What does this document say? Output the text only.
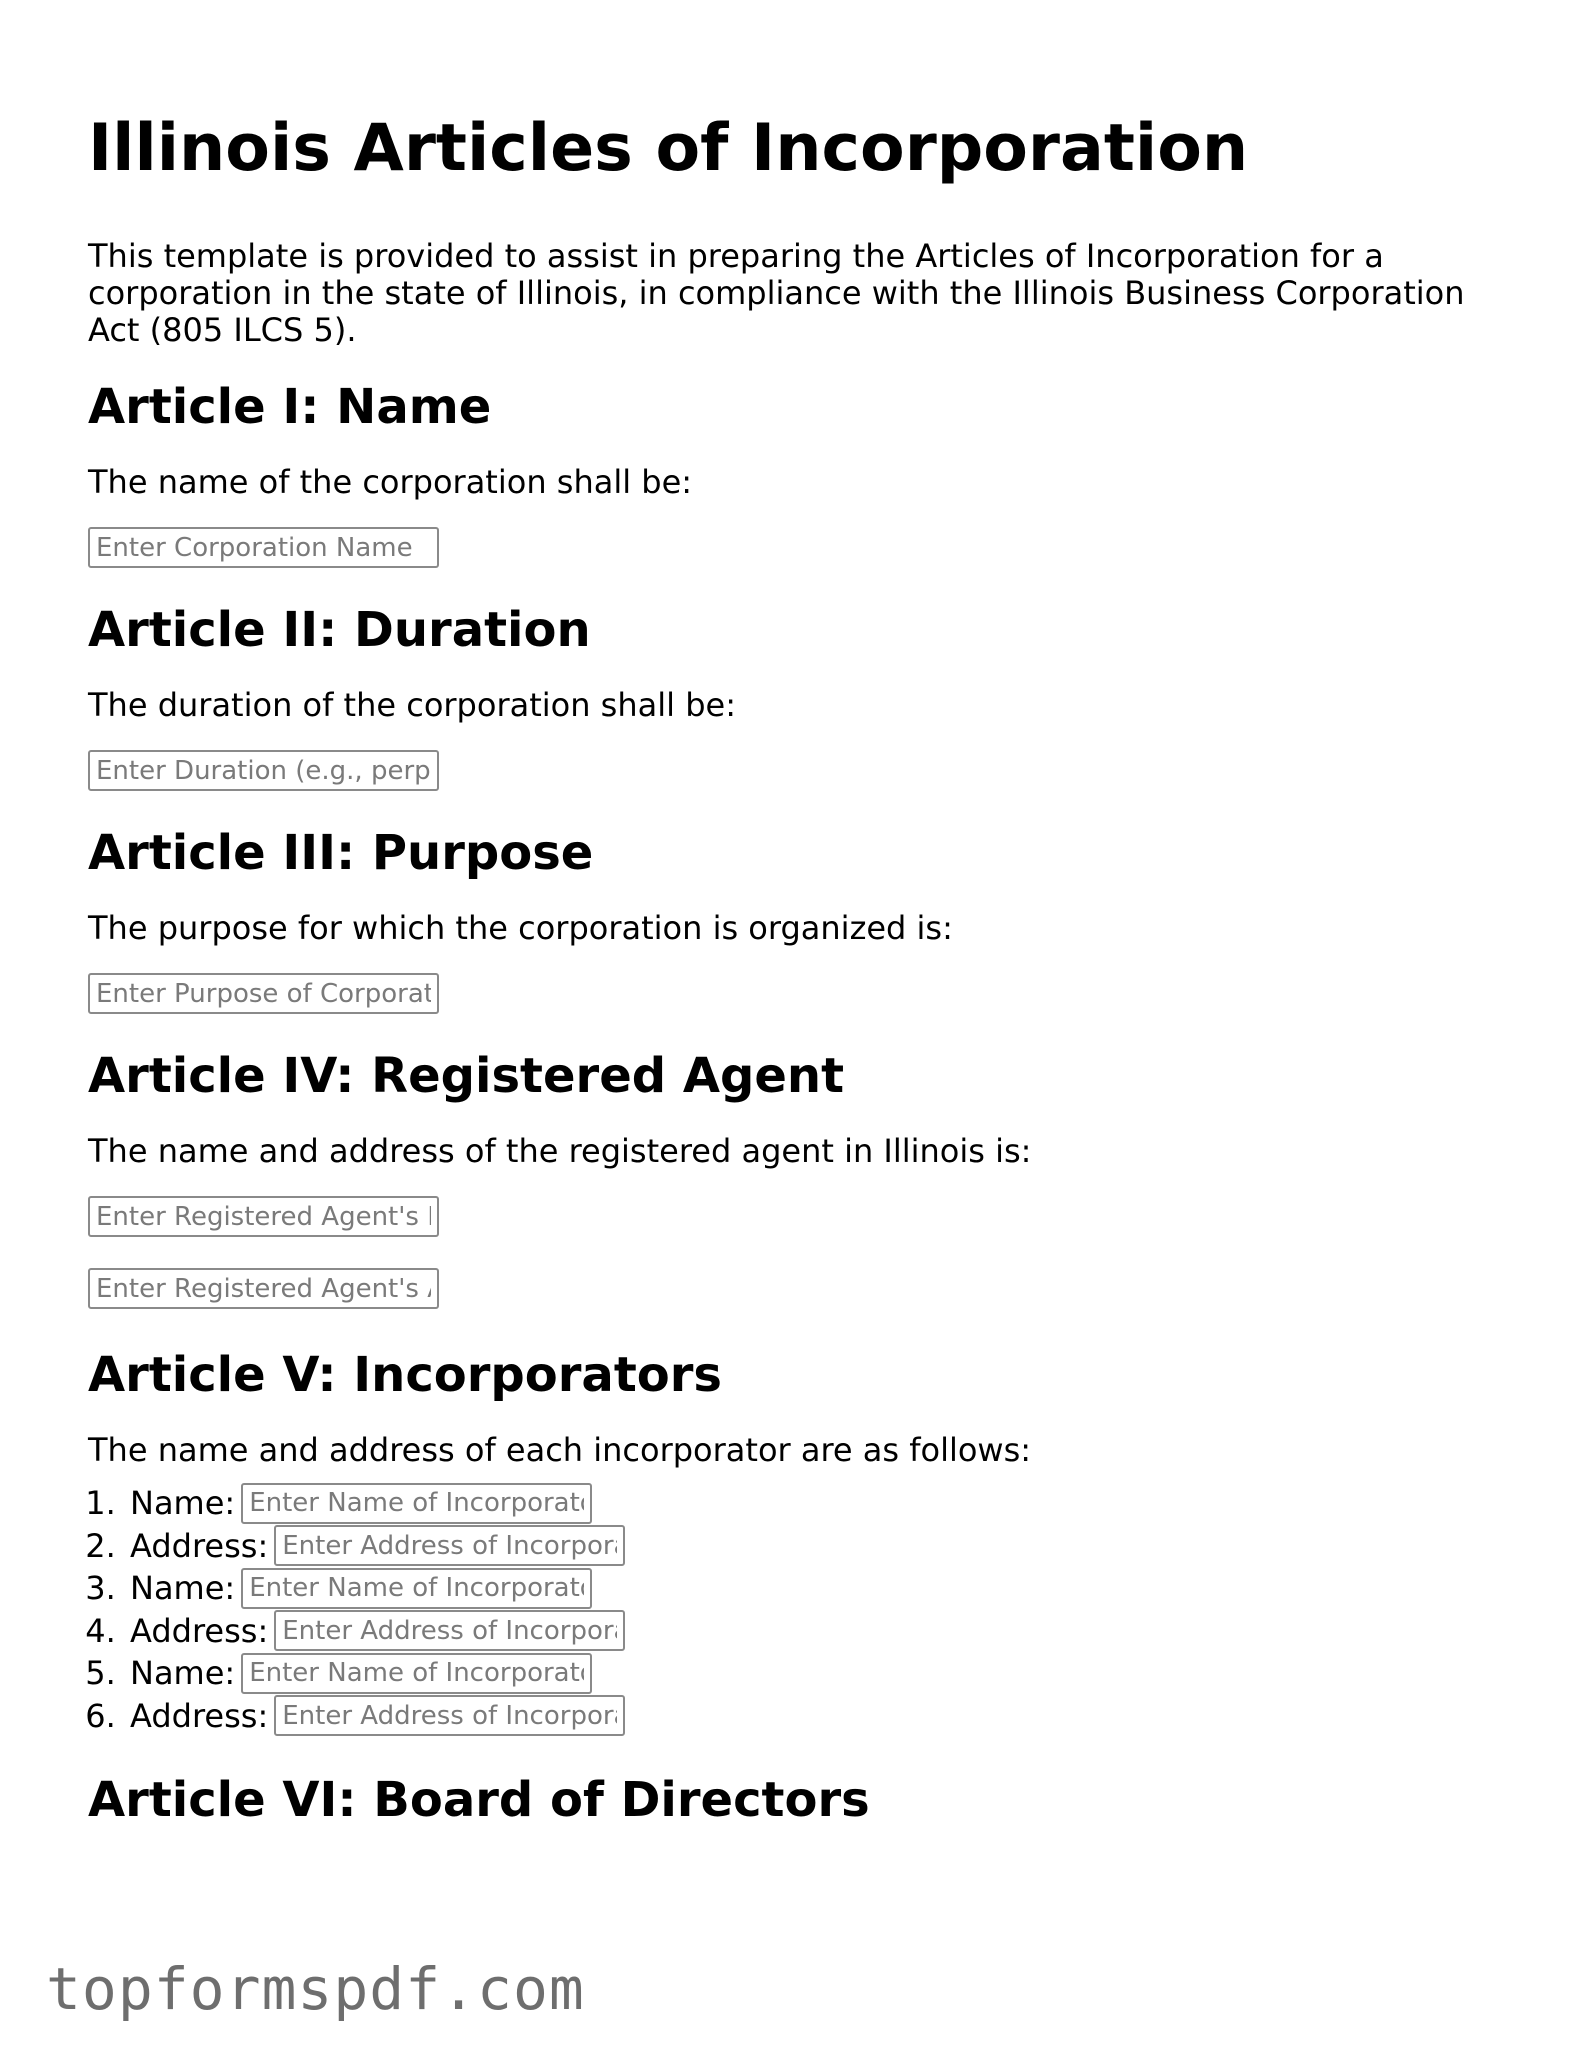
Illinois Articles of Incorporation

This template is provided to assist in preparing the Articles of Incorporation for a corporation in the state of Illinois, in compliance with the Illinois Business Corporation Act (805 ILCS 5).

Article I: Name

The name of the corporation shall be:

Enter Corporation Name
Article II: Duration

The duration of the corporation shall be:

Enter Duration (e.g., perpetual)
Article III: Purpose

The purpose for which the corporation is organized is:

Enter Purpose of Corporation
Article IV: Registered Agent

The name and address of the registered agent in Illinois is:

Enter Registered Agent's Name
Enter Registered Agent's Address
Article V: Incorporators

The name and address of each incorporator are as follows:

1. Name:Enter Name of Incorporator
2. Address:Enter Address of Incorporator
3. Name:Enter Name of Incorporator
4. Address:Enter Address of Incorporator
5. Name:Enter Name of Incorporator
6. Address:Enter Address of Incorporator
Article VI: Board of Directors
topformspdf.com
